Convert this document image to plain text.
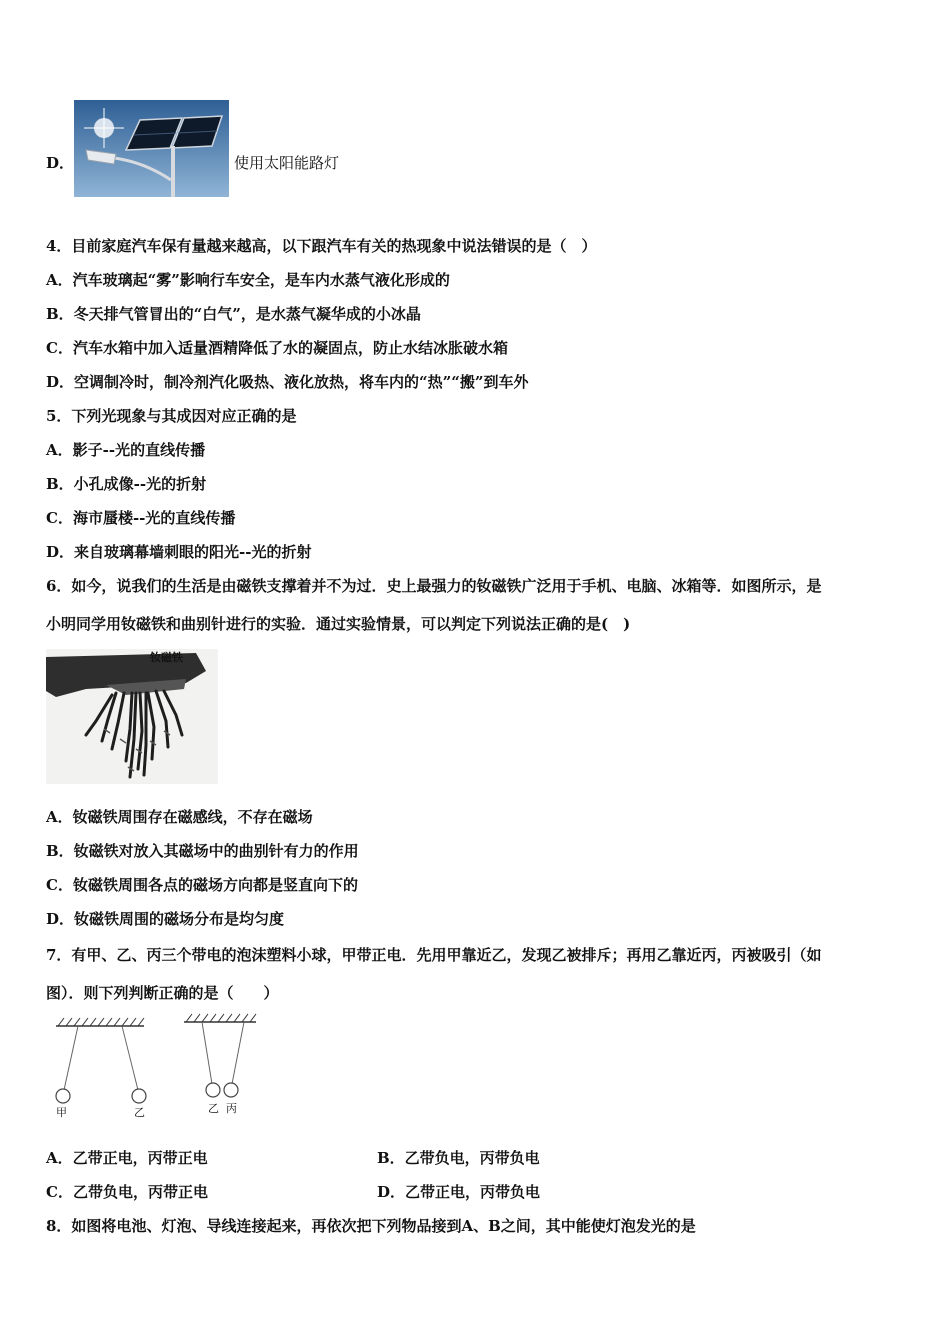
D．	使用太阳能路灯
4．目前家庭汽车保有量越来越高，以下跟汽车有关的热现象中说法错误的是（　）
A．汽车玻璃起“雾”影响行车安全，是车内水蒸气液化形成的
B．冬天排气管冒出的“白气”，是水蒸气凝华成的小冰晶
C．汽车水箱中加入适量酒精降低了水的凝固点，防止水结冰胀破水箱
D．空调制冷时，制冷剂汽化吸热、液化放热，将车内的“热”“搬”到车外
5．下列光现象与其成因对应正确的是
A．影子--光的直线传播
B．小孔成像--光的折射
C．海市蜃楼--光的直线传播
D．来自玻璃幕墙刺眼的阳光--光的折射
6．如今，说我们的生活是由磁铁支撑着并不为过．史上最强力的钕磁铁广泛用于手机、电脑、冰箱等．如图所示，是
小明同学用钕磁铁和曲别针进行的实验．通过实验情景，可以判定下列说法正确的是(　)
钕磁铁
A．钕磁铁周围存在磁感线，不存在磁场
B．钕磁铁对放入其磁场中的曲别针有力的作用
C．钕磁铁周围各点的磁场方向都是竖直向下的
D．钕磁铁周围的磁场分布是均匀度
7．有甲、乙、丙三个带电的泡沫塑料小球，甲带正电．先用甲靠近乙，发现乙被排斥；再用乙靠近丙，丙被吸引（如
图）．则下列判断正确的是（　　）
甲	乙	乙 丙
A．乙带正电，丙带正电	B．乙带负电，丙带负电
C．乙带负电，丙带正电	D．乙带正电，丙带负电
8．如图将电池、灯泡、导线连接起来，再依次把下列物品接到A、B之间，其中能使灯泡发光的是
